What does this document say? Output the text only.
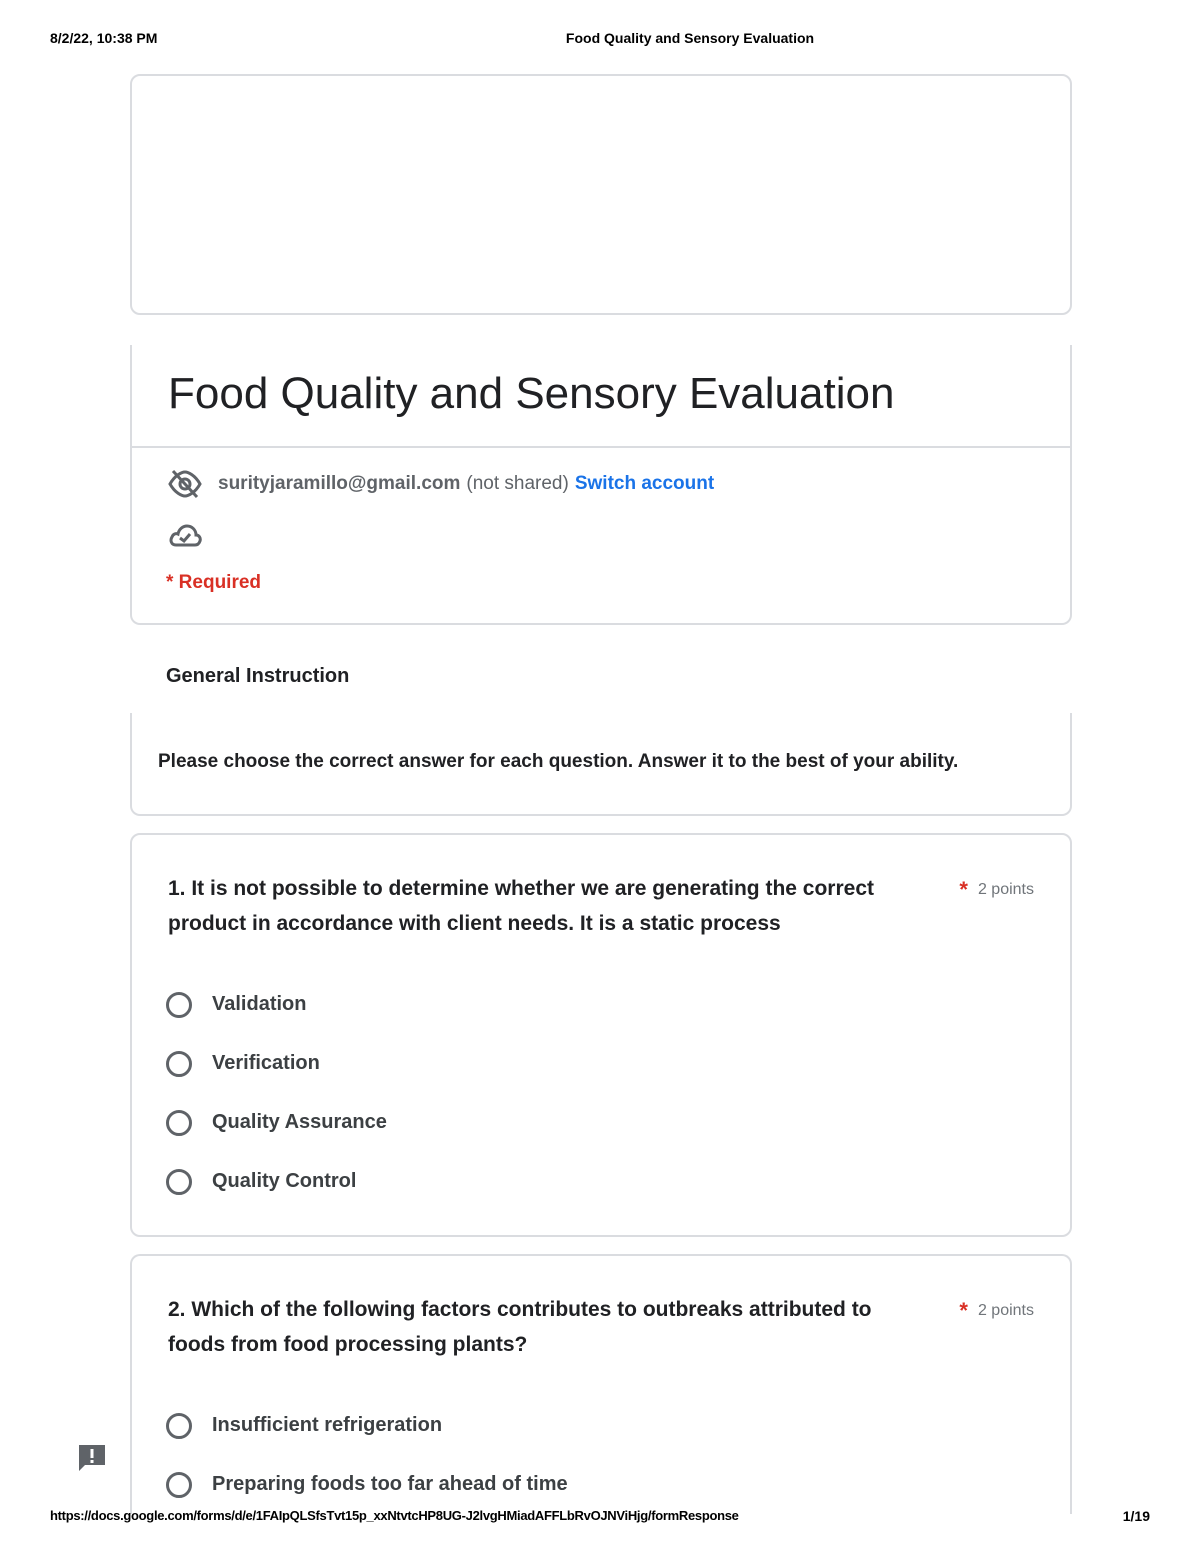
8/2/22, 10:38 PM	Food Quality and Sensory Evaluation
Food Quality and Sensory Evaluation
surityjaramillo@gmail.com (not shared) Switch account
* Required
General Instruction
Please choose the correct answer for each question. Answer it to the best of your ability.
1. It is not possible to determine whether we are generating the correct product in accordance with client needs. It is a static process
* 2 points
Validation
Verification
Quality Assurance
Quality Control
2. Which of the following factors contributes to outbreaks attributed to foods from food processing plants?
* 2 points
Insufficient refrigeration
Preparing foods too far ahead of time
https://docs.google.com/forms/d/e/1FAIpQLSfsTvt15p_xxNtvtcHP8UG-J2lvgHMiadAFFLbRvOJNViHjg/formResponse	1/19
